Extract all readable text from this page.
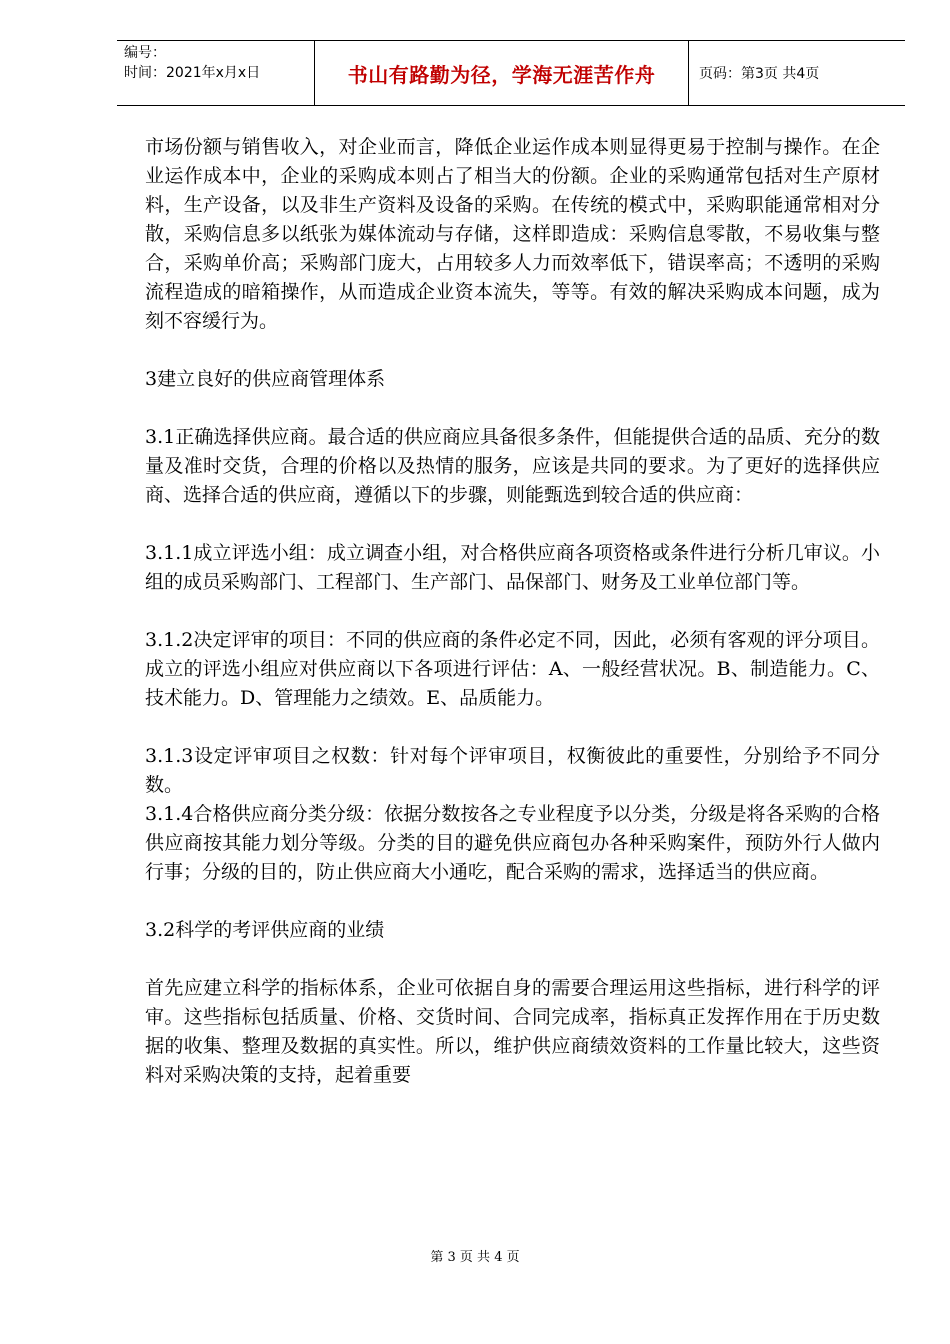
编号：
时间：2021年x月x日	书山有路勤为径，学海无涯苦作舟	页码：第3页 共4页

市场份额与销售收入，对企业而言，降低企业运作成本则显得更易于控制与操作。在企业运作成本中，企业的采购成本则占了相当大的份额。企业的采购通常包括对生产原材料，生产设备，以及非生产资料及设备的采购。在传统的模式中，采购职能通常相对分散，采购信息多以纸张为媒体流动与存储，这样即造成：采购信息零散，不易收集与整合，采购单价高；采购部门庞大，占用较多人力而效率低下，错误率高；不透明的采购流程造成的暗箱操作，从而造成企业资本流失，等等。有效的解决采购成本问题，成为刻不容缓行为。

3建立良好的供应商管理体系

3.1正确选择供应商。最合适的供应商应具备很多条件，但能提供合适的品质、充分的数量及准时交货，合理的价格以及热情的服务，应该是共同的要求。为了更好的选择供应商、选择合适的供应商，遵循以下的步骤，则能甄选到较合适的供应商：

3.1.1成立评选小组：成立调查小组，对合格供应商各项资格或条件进行分析几审议。小组的成员采购部门、工程部门、生产部门、品保部门、财务及工业单位部门等。

3.1.2决定评审的项目：不同的供应商的条件必定不同，因此，必须有客观的评分项目。成立的评选小组应对供应商以下各项进行评估：A、一般经营状况。B、制造能力。C、技术能力。D、管理能力之绩效。E、品质能力。

3.1.3设定评审项目之权数：针对每个评审项目，权衡彼此的重要性，分别给予不同分数。

3.1.4合格供应商分类分级：依据分数按各之专业程度予以分类，分级是将各采购的合格供应商按其能力划分等级。分类的目的避免供应商包办各种采购案件，预防外行人做内行事；分级的目的，防止供应商大小通吃，配合采购的需求，选择适当的供应商。

3.2科学的考评供应商的业绩

首先应建立科学的指标体系，企业可依据自身的需要合理运用这些指标，进行科学的评审。这些指标包括质量、价格、交货时间、合同完成率，指标真正发挥作用在于历史数据的收集、整理及数据的真实性。所以，维护供应商绩效资料的工作量比较大，这些资料对采购决策的支持，起着重要

第 3 页 共 4 页
